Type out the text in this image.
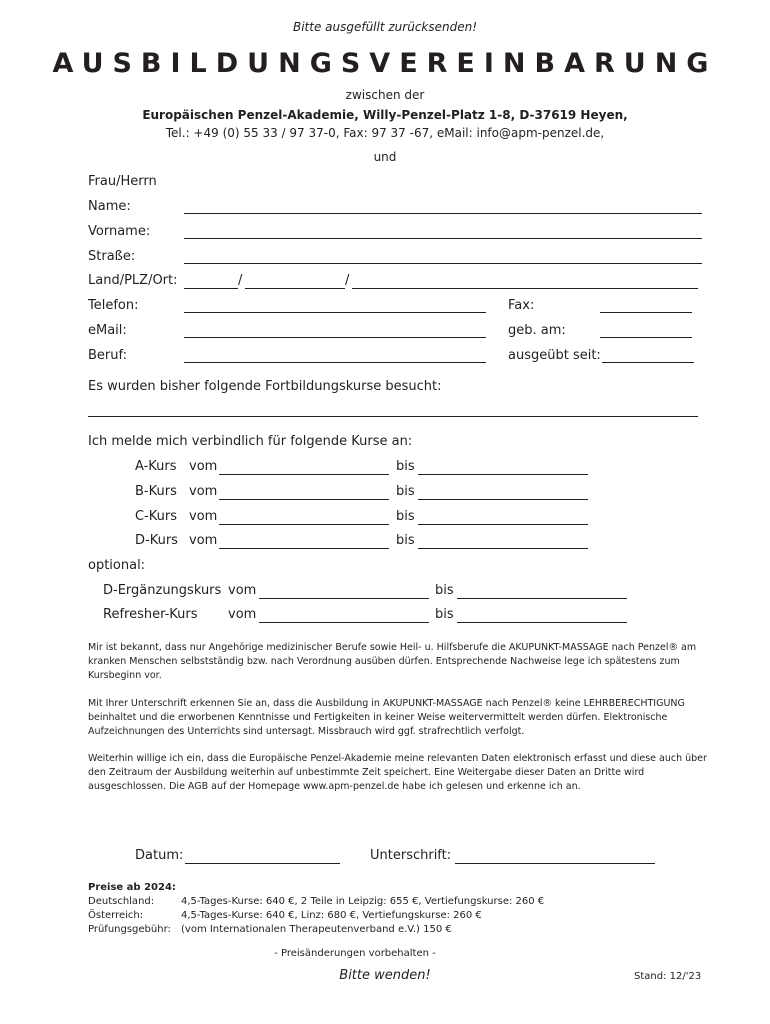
Bitte ausgefüllt zurücksenden!
AUSBILDUNGSVEREINBARUNG
zwischen der
Europäischen Penzel-Akademie, Willy-Penzel-Platz 1-8, D-37619 Heyen,
Tel.: +49 (0) 55 33 / 97 37-0, Fax: 97 37 -67, eMail: info@apm-penzel.de,
und
Frau/Herrn
Name:
Vorname:
Straße:
Land/PLZ/Ort:	/	/
Telefon:	Fax:
eMail:	geb. am:
Beruf:	ausgeübt seit:
Es wurden bisher folgende Fortbildungskurse besucht:
Ich melde mich verbindlich für folgende Kurse an:
A-Kurs vom	bis
B-Kurs vom	bis
C-Kurs vom	bis
D-Kurs vom	bis
optional:
D-Ergänzungskurs vom	bis
Refresher-Kurs vom	bis

Mir ist bekannt, dass nur Angehörige medizinischer Berufe sowie Heil- u. Hilfsberufe die AKUPUNKT-MASSAGE nach Penzel® am kranken Menschen selbstständig bzw. nach Verordnung ausüben dürfen. Entsprechende Nachweise lege ich spätestens zum Kursbeginn vor.

Mit Ihrer Unterschrift erkennen Sie an, dass die Ausbildung in AKUPUNKT-MASSAGE nach Penzel® keine LEHRBERECHTIGUNG beinhaltet und die erworbenen Kenntnisse und Fertigkeiten in keiner Weise weitervermittelt werden dürfen. Elektronische Aufzeichnungen des Unterrichts sind untersagt. Missbrauch wird ggf. strafrechtlich verfolgt.

Weiterhin willige ich ein, dass die Europäische Penzel-Akademie meine relevanten Daten elektronisch erfasst und diese auch über den Zeitraum der Ausbildung weiterhin auf unbestimmte Zeit speichert. Eine Weitergabe dieser Daten an Dritte wird ausgeschlossen. Die AGB auf der Homepage www.apm-penzel.de habe ich gelesen und erkenne ich an.

Datum:	Unterschrift:
Preise ab 2024:
Deutschland:	4,5-Tages-Kurse: 640 €, 2 Teile in Leipzig: 655 €, Vertiefungskurse: 260 €
Österreich:	4,5-Tages-Kurse: 640 €, Linz: 680 €, Vertiefungskurse: 260 €
Prüfungsgebühr: (vom Internationalen Therapeutenverband e.V.) 150 €
- Preisänderungen vorbehalten -
Bitte wenden!	Stand: 12/'23
